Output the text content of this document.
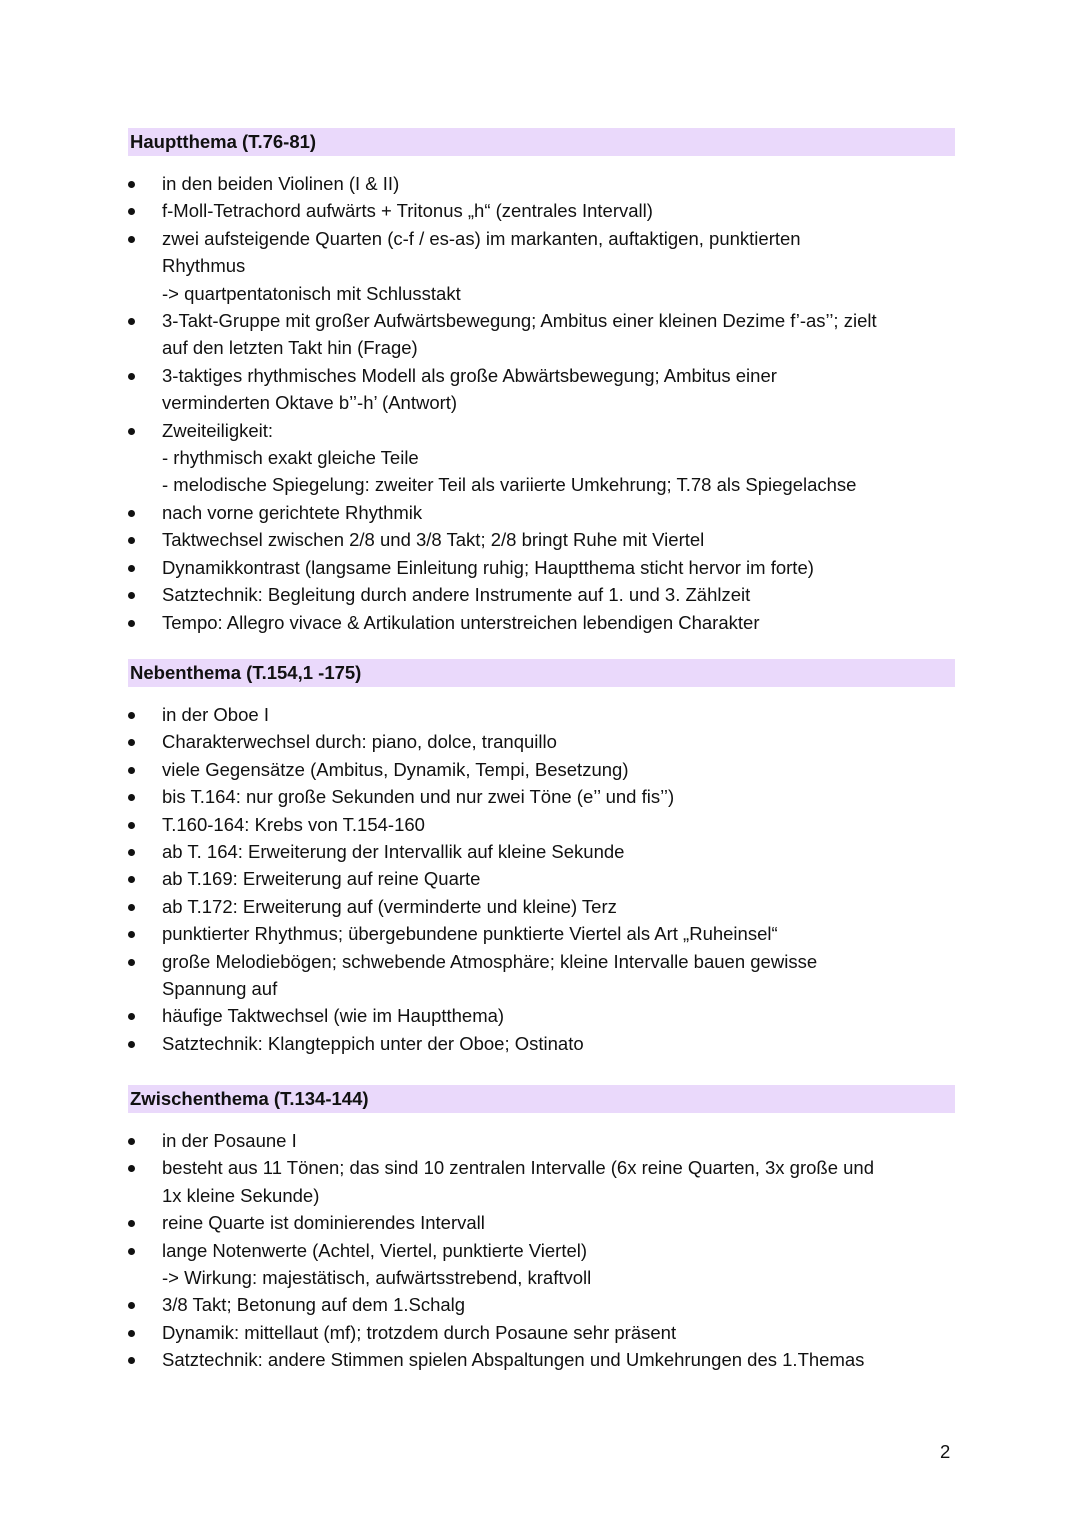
Hauptthema (T.76-81)
in den beiden Violinen (I & II)
f-Moll-Tetrachord aufwärts + Tritonus „h“ (zentrales Intervall)
zwei aufsteigende Quarten (c-f / es-as) im markanten, auftaktigen, punktierten
Rhythmus
-> quartpentatonisch mit Schlusstakt
3-Takt-Gruppe mit großer Aufwärtsbewegung; Ambitus einer kleinen Dezime f’-as’’; zielt
auf den letzten Takt hin (Frage)
3-taktiges rhythmisches Modell als große Abwärtsbewegung; Ambitus einer
verminderten Oktave b’’-h’ (Antwort)
Zweiteiligkeit:
- rhythmisch exakt gleiche Teile
- melodische Spiegelung: zweiter Teil als variierte Umkehrung; T.78 als Spiegelachse
nach vorne gerichtete Rhythmik
Taktwechsel zwischen 2/8 und 3/8 Takt; 2/8 bringt Ruhe mit Viertel
Dynamikkontrast (langsame Einleitung ruhig; Hauptthema sticht hervor im forte)
Satztechnik: Begleitung durch andere Instrumente auf 1. und 3. Zählzeit
Tempo: Allegro vivace & Artikulation unterstreichen lebendigen Charakter
Nebenthema (T.154,1 -175)
in der Oboe I
Charakterwechsel durch: piano, dolce, tranquillo
viele Gegensätze (Ambitus, Dynamik, Tempi, Besetzung)
bis T.164: nur große Sekunden und nur zwei Töne (e’’ und fis’’)
T.160-164: Krebs von T.154-160
ab T. 164: Erweiterung der Intervallik auf kleine Sekunde
ab T.169: Erweiterung auf reine Quarte
ab T.172: Erweiterung auf (verminderte und kleine) Terz
punktierter Rhythmus; übergebundene punktierte Viertel als Art „Ruheinsel“
große Melodiebögen; schwebende Atmosphäre; kleine Intervalle bauen gewisse
Spannung auf
häufige Taktwechsel (wie im Hauptthema)
Satztechnik: Klangteppich unter der Oboe; Ostinato
Zwischenthema (T.134-144)
in der Posaune I
besteht aus 11 Tönen; das sind 10 zentralen Intervalle (6x reine Quarten, 3x große und
1x kleine Sekunde)
reine Quarte ist dominierendes Intervall
lange Notenwerte (Achtel, Viertel, punktierte Viertel)
-> Wirkung: majestätisch, aufwärtsstrebend, kraftvoll
3/8 Takt; Betonung auf dem 1.Schalg
Dynamik: mittellaut (mf); trotzdem durch Posaune sehr präsent
Satztechnik: andere Stimmen spielen Abspaltungen und Umkehrungen des 1.Themas
2
